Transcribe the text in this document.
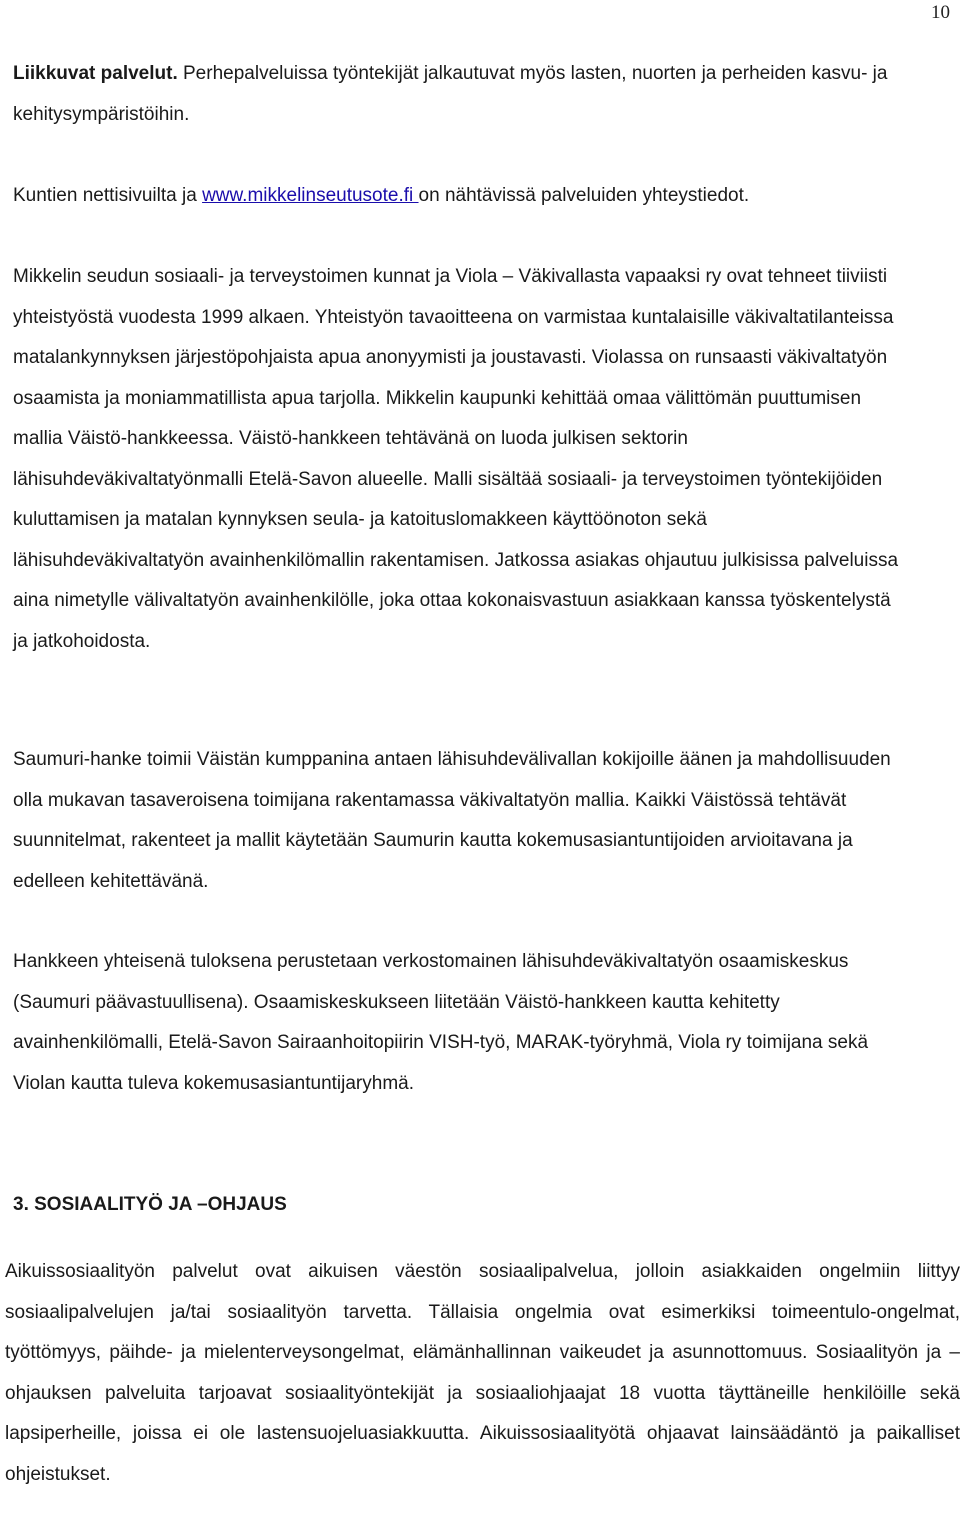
10

Liikkuvat palvelut. Perhepalveluissa työntekijät jalkautuvat myös lasten, nuorten ja perheiden kasvu- ja kehitysympäristöihin.

Kuntien nettisivuilta ja www.mikkelinseutusote.fi on nähtävissä palveluiden yhteystiedot.

Mikkelin seudun sosiaali- ja terveystoimen kunnat ja Viola – Väkivallasta vapaaksi ry ovat tehneet tiiviisti yhteistyöstä vuodesta 1999 alkaen. Yhteistyön tavaoitteena on varmistaa kuntalaisille väkivaltatilanteissa matalankynnyksen järjestöpohjaista apua anonyymisti ja joustavasti. Violassa on runsaasti väkivaltatyön osaamista ja moniammatillista apua tarjolla. Mikkelin kaupunki kehittää omaa välittömän puuttumisen mallia Väistö-hankkeessa. Väistö-hankkeen tehtävänä on luoda julkisen sektorin lähisuhdeväkivaltatyönmalli Etelä-Savon alueelle. Malli sisältää sosiaali- ja terveystoimen työntekijöiden kuluttamisen ja matalan kynnyksen seula- ja katoituslomakkeen käyttöönoton sekä lähisuhdeväkivaltatyön avainhenkilömallin rakentamisen. Jatkossa asiakas ohjautuu julkisissa palveluissa aina nimetylle välivaltatyön avainhenkilölle, joka ottaa kokonaisvastuun asiakkaan kanssa työskentelystä ja jatkohoidosta.

Saumuri-hanke toimii Väistän kumppanina antaen lähisuhdevälivallan kokijoille äänen ja mahdollisuuden olla mukavan tasaveroisena toimijana rakentamassa väkivaltatyön mallia. Kaikki Väistössä tehtävät suunnitelmat, rakenteet ja mallit käytetään Saumurin kautta kokemusasiantuntijoiden arvioitavana ja edelleen kehitettävänä.

Hankkeen yhteisenä tuloksena perustetaan verkostomainen lähisuhdeväkivaltatyön osaamiskeskus (Saumuri päävastuullisena). Osaamiskeskukseen liitetään Väistö-hankkeen kautta kehitetty avainhenkilömalli, Etelä-Savon Sairaanhoitopiirin VISH-työ, MARAK-työryhmä, Viola ry toimijana sekä Violan kautta tuleva kokemusasiantuntijaryhmä.

3. SOSIAALITYÖ JA –OHJAUS

Aikuissosiaalityön palvelut ovat aikuisen väestön sosiaalipalvelua, jolloin asiakkaiden ongelmiin liittyy sosiaalipalvelujen ja/tai sosiaalityön tarvetta. Tällaisia ongelmia ovat esimerkiksi toimeentulo-ongelmat, työttömyys, päihde- ja mielenterveysongelmat, elämänhallinnan vaikeudet ja asunnottomuus. Sosiaalityön ja –ohjauksen palveluita tarjoavat sosiaalityöntekijät ja sosiaaliohjaajat 18 vuotta täyttäneille henkilöille sekä lapsiperheille, joissa ei ole lastensuojeluasiakkuutta. Aikuissosiaalityötä ohjaavat lainsäädäntö ja paikalliset ohjeistukset.
